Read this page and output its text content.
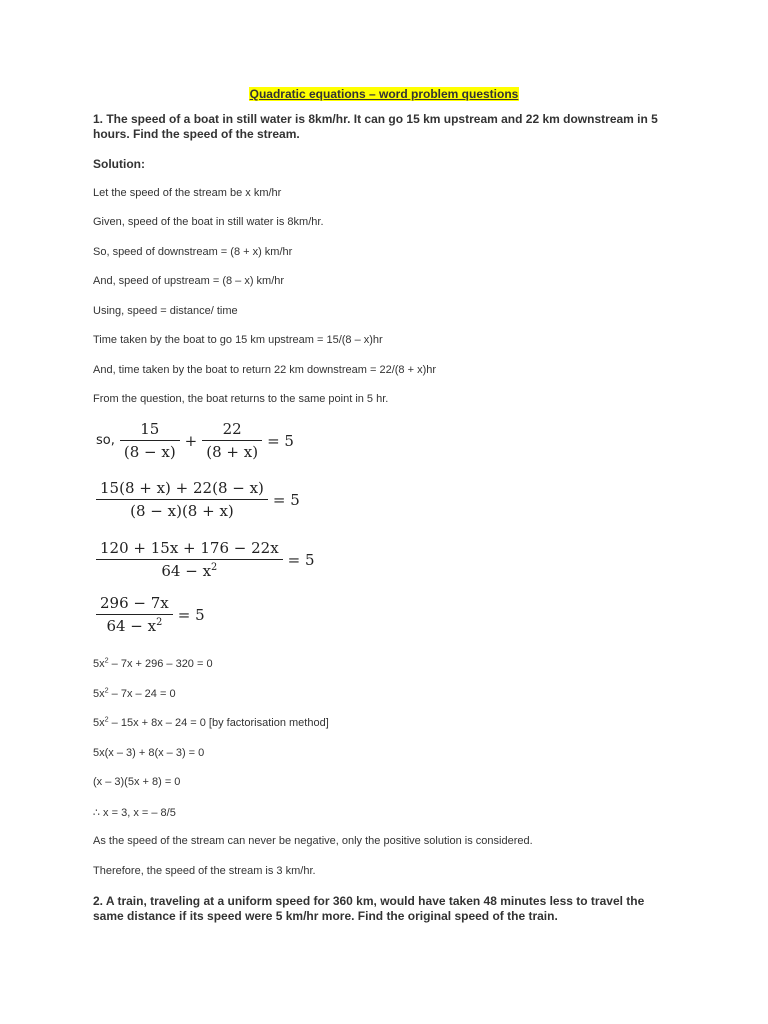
Quadratic equations – word problem questions
1. The speed of a boat in still water is 8km/hr. It can go 15 km upstream and 22 km downstream in 5 hours. Find the speed of the stream.
Solution:
Let the speed of the stream be x km/hr
Given, speed of the boat in still water is 8km/hr.
So, speed of downstream = (8 + x) km/hr
And, speed of upstream = (8 – x) km/hr
Using, speed = distance/ time
Time taken by the boat to go 15 km upstream = 15/(8 – x)hr
And, time taken by the boat to return 22 km downstream = 22/(8 + x)hr
From the question, the boat returns to the same point in 5 hr.
so, $\frac{15}{(8 - x)} + \frac{22}{(8 + x)} = 5$
$\frac{15(8 + x) + 22(8 - x)}{(8 - x)(8 + x)} = 5$
$\frac{120 + 15x + 176 - 22x}{64 - x^2} = 5$
$\frac{296 - 7x}{64 - x^2} = 5$
$5x^2 - 7x + 296 - 320 = 0$
$5x^2 - 7x - 24 = 0$
$5x^2 - 15x + 8x - 24 = 0$ [by factorisation method]
5x(x – 3) + 8(x – 3) = 0
(x – 3)(5x + 8) = 0
∴ x = 3, x = – 8/5
As the speed of the stream can never be negative, only the positive solution is considered.
Therefore, the speed of the stream is 3 km/hr.
2. A train, traveling at a uniform speed for 360 km, would have taken 48 minutes less to travel the same distance if its speed were 5 km/hr more. Find the original speed of the train.
